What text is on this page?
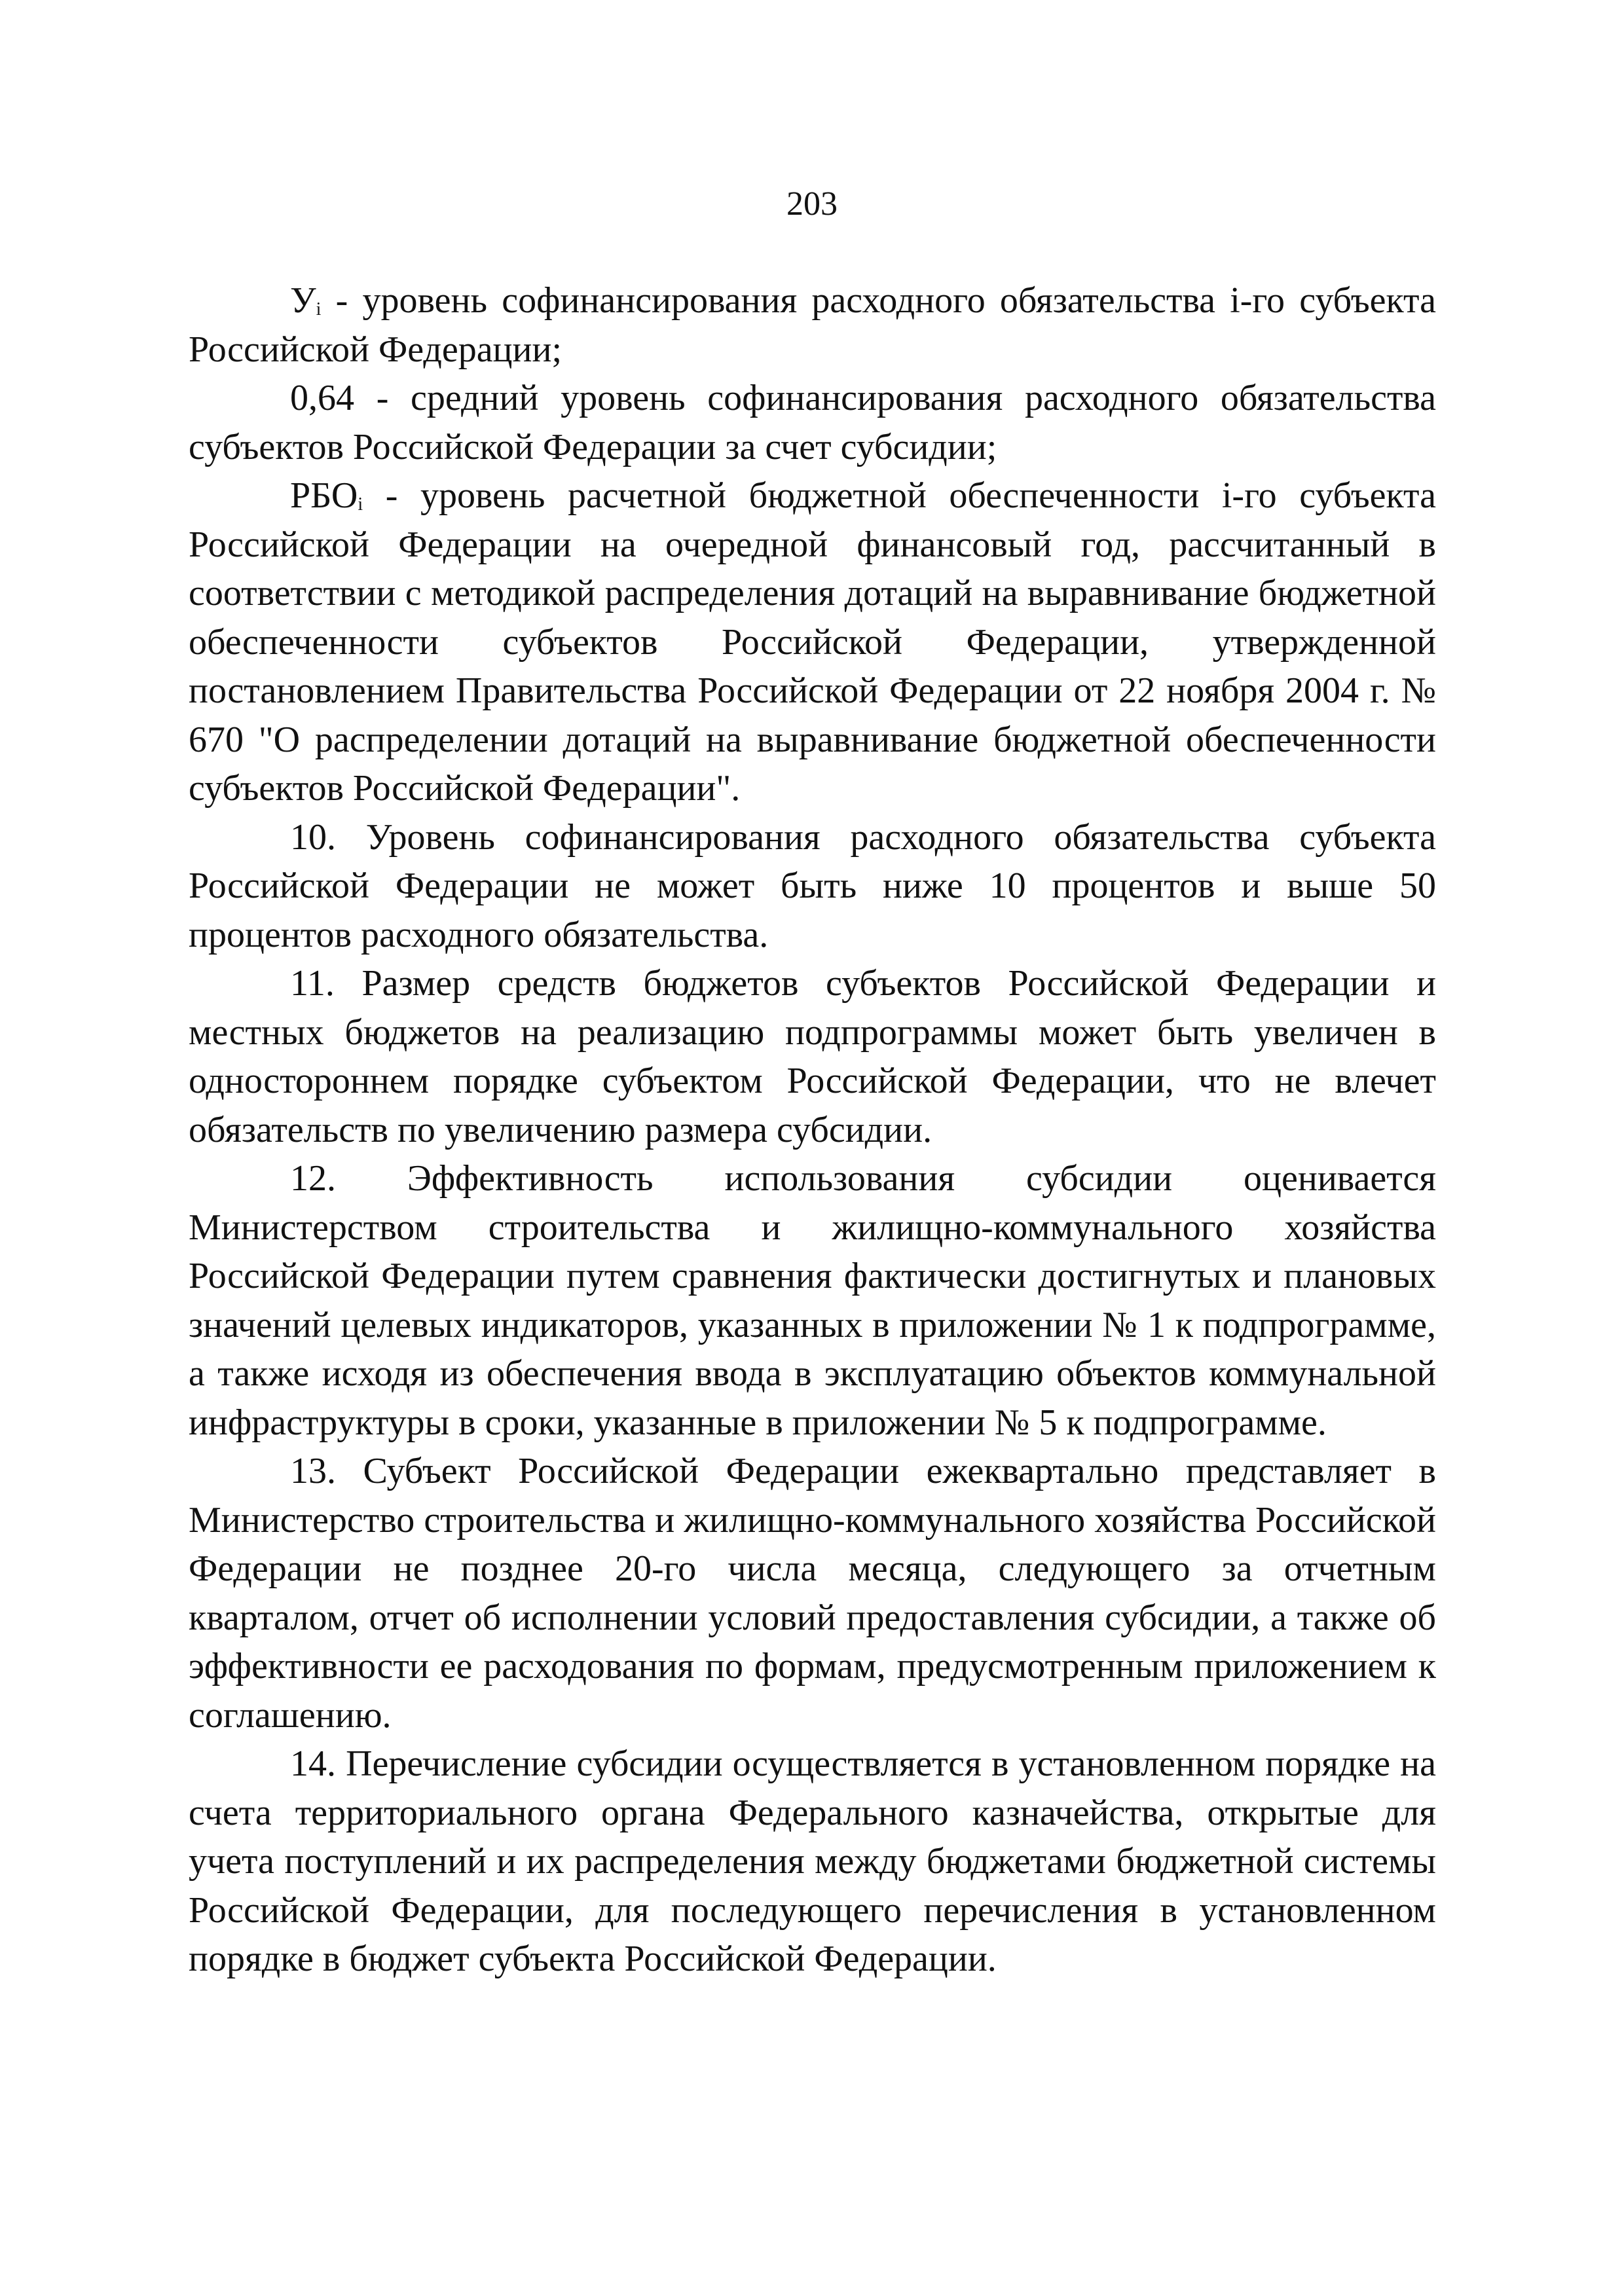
203

$У_i$ - уровень софинансирования расходного обязательства i-го субъекта Российской Федерации;

0,64 - средний уровень софинансирования расходного обязательства субъектов Российской Федерации за счет субсидии;

$РБО_i$ - уровень расчетной бюджетной обеспеченности i-го субъекта Российской Федерации на очередной финансовый год, рассчитанный в соответствии с методикой распределения дотаций на выравнивание бюджетной обеспеченности субъектов Российской Федерации, утвержденной постановлением Правительства Российской Федерации от 22 ноября 2004 г. № 670 "О распределении дотаций на выравнивание бюджетной обеспеченности субъектов Российской Федерации".

10. Уровень софинансирования расходного обязательства субъекта Российской Федерации не может быть ниже 10 процентов и выше 50 процентов расходного обязательства.

11. Размер средств бюджетов субъектов Российской Федерации и местных бюджетов на реализацию подпрограммы может быть увеличен в одностороннем порядке субъектом Российской Федерации, что не влечет обязательств по увеличению размера субсидии.

12. Эффективность использования субсидии оценивается Министерством строительства и жилищно-коммунального хозяйства Российской Федерации путем сравнения фактически достигнутых и плановых значений целевых индикаторов, указанных в приложении № 1 к подпрограмме, а также исходя из обеспечения ввода в эксплуатацию объектов коммунальной инфраструктуры в сроки, указанные в приложении № 5 к подпрограмме.

13. Субъект Российской Федерации ежеквартально представляет в Министерство строительства и жилищно-коммунального хозяйства Российской Федерации не позднее 20-го числа месяца, следующего за отчетным кварталом, отчет об исполнении условий предоставления субсидии, а также об эффективности ее расходования по формам, предусмотренным приложением к соглашению.

14. Перечисление субсидии осуществляется в установленном порядке на счета территориального органа Федерального казначейства, открытые для учета поступлений и их распределения между бюджетами бюджетной системы Российской Федерации, для последующего перечисления в установленном порядке в бюджет субъекта Российской Федерации.
